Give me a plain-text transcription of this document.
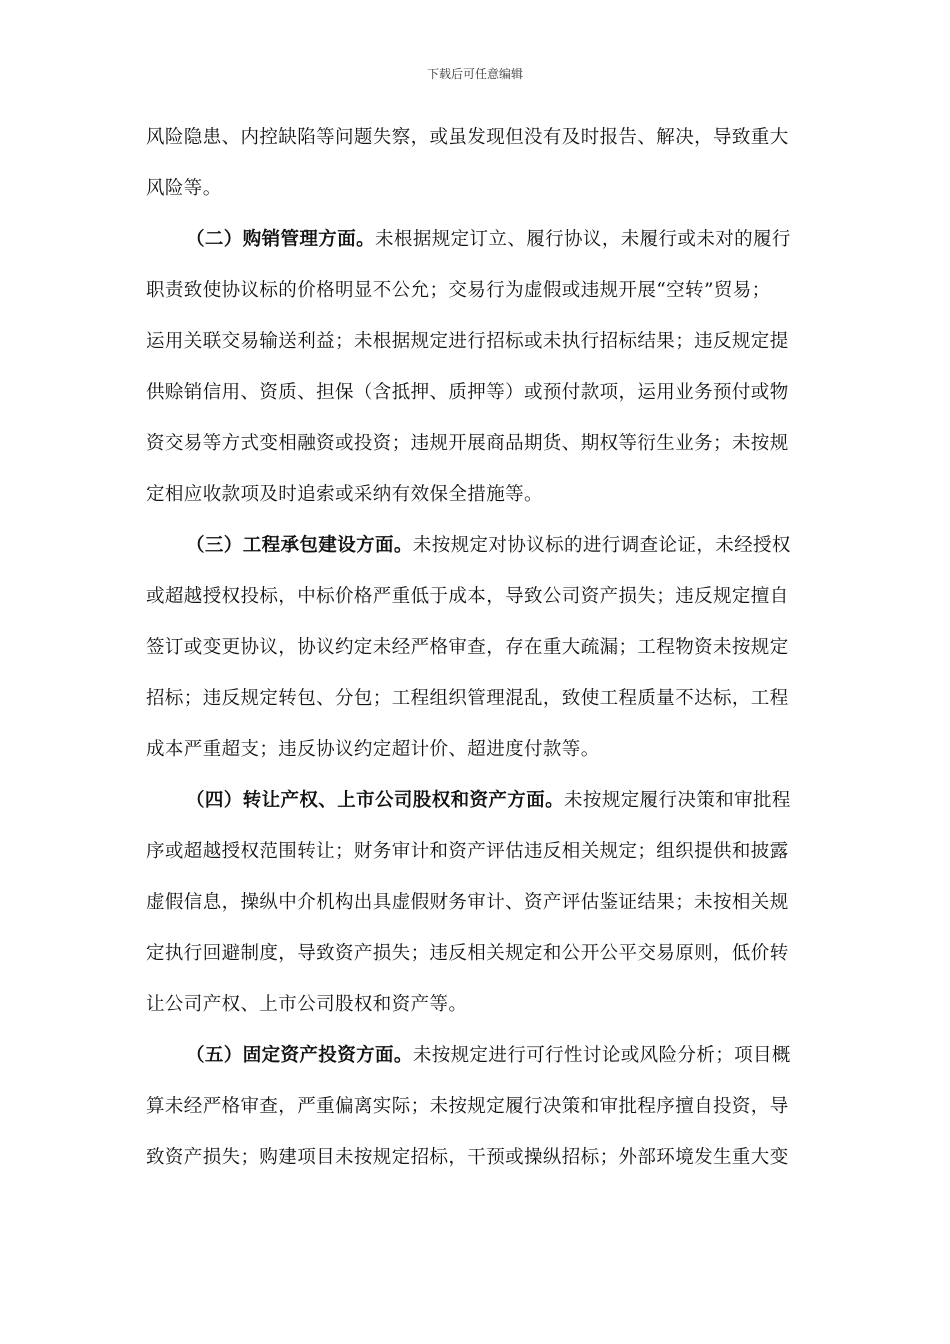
下载后可任意编辑
风险隐患、内控缺陷等问题失察，或虽发现但没有及时报告、解决，导致重大
风险等。
（二）购销管理方面。未根据规定订立、履行协议，未履行或未对的履行
职责致使协议标的价格明显不公允；交易行为虚假或违规开展“空转”贸易；
运用关联交易输送利益；未根据规定进行招标或未执行招标结果；违反规定提
供赊销信用、资质、担保（含抵押、质押等）或预付款项，运用业务预付或物
资交易等方式变相融资或投资；违规开展商品期货、期权等衍生业务；未按规
定相应收款项及时追索或采纳有效保全措施等。
（三）工程承包建设方面。未按规定对协议标的进行调查论证，未经授权
或超越授权投标，中标价格严重低于成本，导致公司资产损失；违反规定擅自
签订或变更协议，协议约定未经严格审查，存在重大疏漏；工程物资未按规定
招标；违反规定转包、分包；工程组织管理混乱，致使工程质量不达标，工程
成本严重超支；违反协议约定超计价、超进度付款等。
（四）转让产权、上市公司股权和资产方面。未按规定履行决策和审批程
序或超越授权范围转让；财务审计和资产评估违反相关规定；组织提供和披露
虚假信息，操纵中介机构出具虚假财务审计、资产评估鉴证结果；未按相关规
定执行回避制度，导致资产损失；违反相关规定和公开公平交易原则，低价转
让公司产权、上市公司股权和资产等。
（五）固定资产投资方面。未按规定进行可行性讨论或风险分析；项目概
算未经严格审查，严重偏离实际；未按规定履行决策和审批程序擅自投资，导
致资产损失；购建项目未按规定招标，干预或操纵招标；外部环境发生重大变
